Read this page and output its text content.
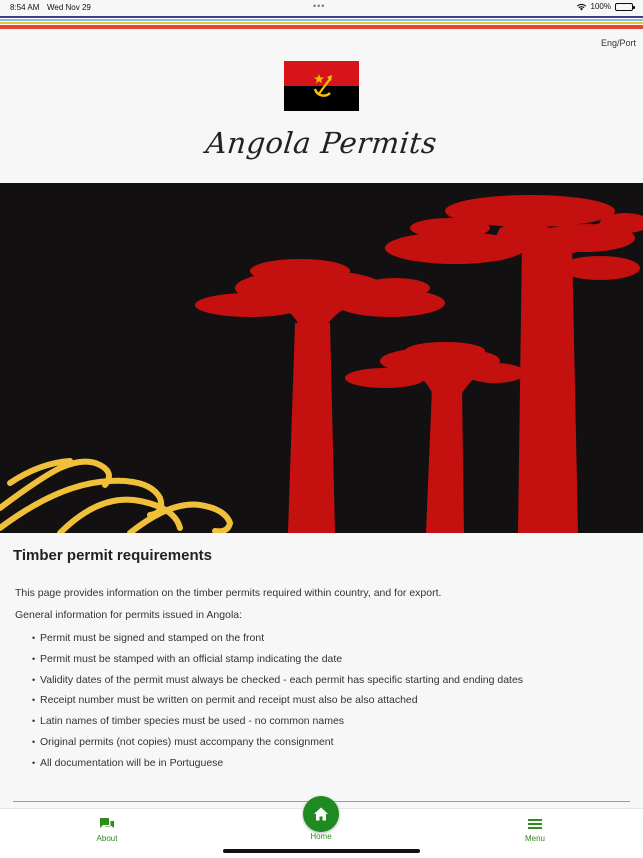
8:54 AM Wed Nov 29	•••	100%
Eng/Port
Angola Permits
Timber permit requirements

This page provides information on the timber permits required within country, and for export.

General information for permits issued in Angola:

• Permit must be signed and stamped on the front
• Permit must be stamped with an official stamp indicating the date
• Validity dates of the permit must always be checked - each permit has specific starting and ending dates
• Receipt number must be written on permit and receipt must also be also attached
• Latin names of timber species must be used - no common names
• Original permits (not copies) must accompany the consignment
• All documentation will be in Portuguese
About	Menu
Home
